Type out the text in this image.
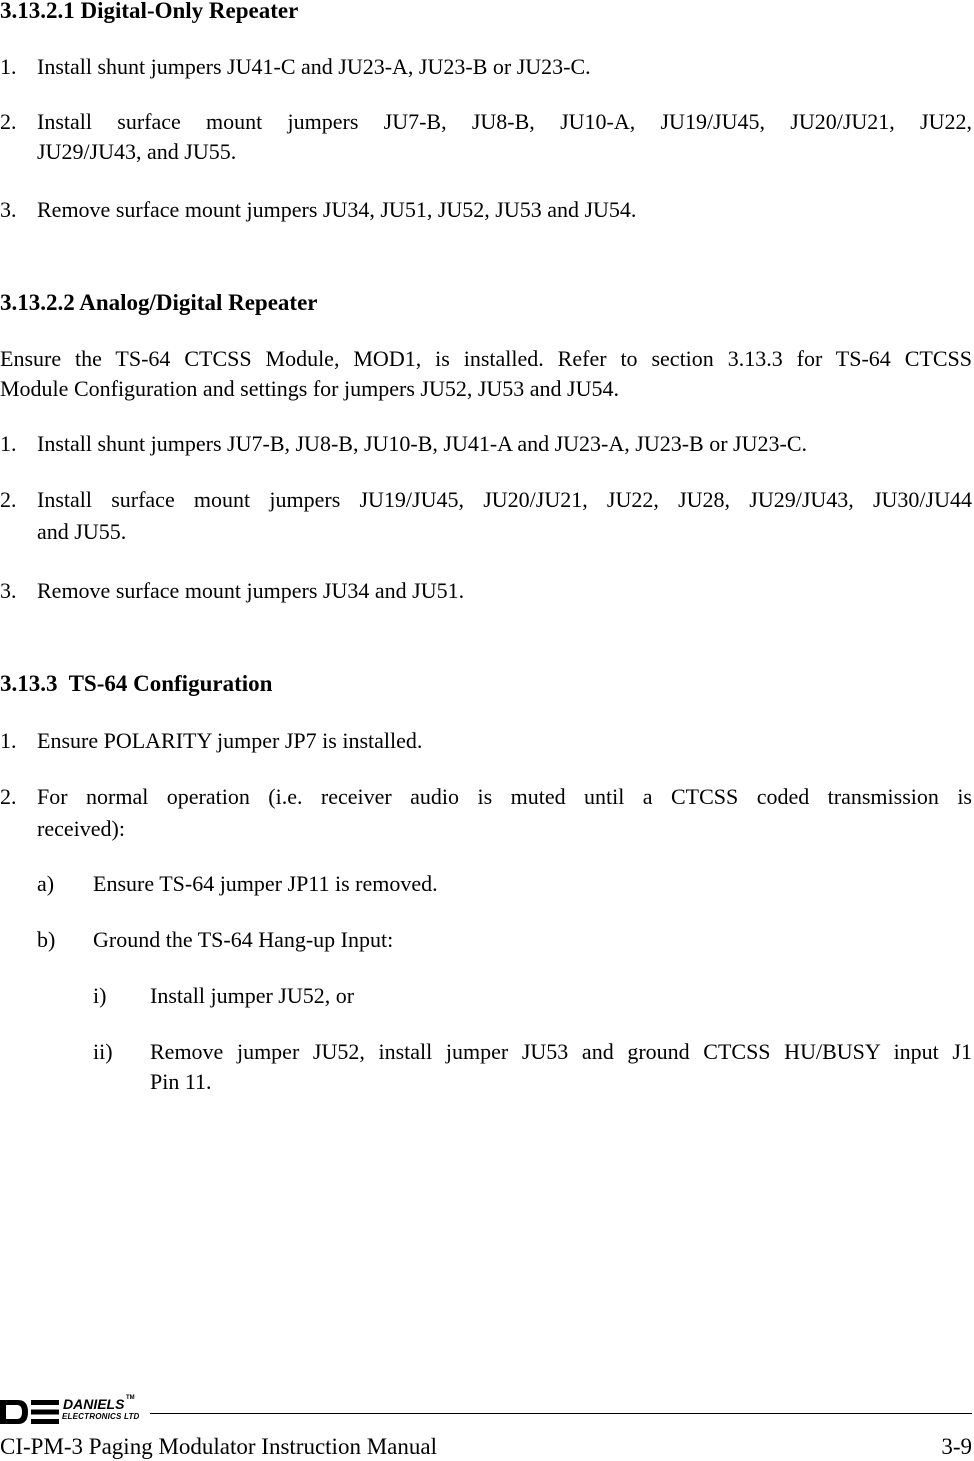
3.13.2.1 Digital-Only Repeater
1. Install shunt jumpers JU41-C and JU23-A, JU23-B or JU23-C.
2. Install surface mount jumpers JU7-B, JU8-B, JU10-A, JU19/JU45, JU20/JU21, JU22,
JU29/JU43, and JU55.
3. Remove surface mount jumpers JU34, JU51, JU52, JU53 and JU54.
3.13.2.2 Analog/Digital Repeater
Ensure the TS-64 CTCSS Module, MOD1, is installed. Refer to section 3.13.3 for TS-64 CTCSS
Module Configuration and settings for jumpers JU52, JU53 and JU54.
1. Install shunt jumpers JU7-B, JU8-B, JU10-B, JU41-A and JU23-A, JU23-B or JU23-C.
2. Install surface mount jumpers JU19/JU45, JU20/JU21, JU22, JU28, JU29/JU43, JU30/JU44
and JU55.
3. Remove surface mount jumpers JU34 and JU51.
3.13.3  TS-64 Configuration
1. Ensure POLARITY jumper JP7 is installed.
2. For normal operation (i.e. receiver audio is muted until a CTCSS coded transmission is
received):
a) Ensure TS-64 jumper JP11 is removed.
b) Ground the TS-64 Hang-up Input:
i) Install jumper JU52, or
ii) Remove jumper JU52, install jumper JU53 and ground CTCSS HU/BUSY input J1
Pin 11.
DANIELS TM
ELECTRONICS LTD
CI-PM-3 Paging Modulator Instruction Manual	3-9
